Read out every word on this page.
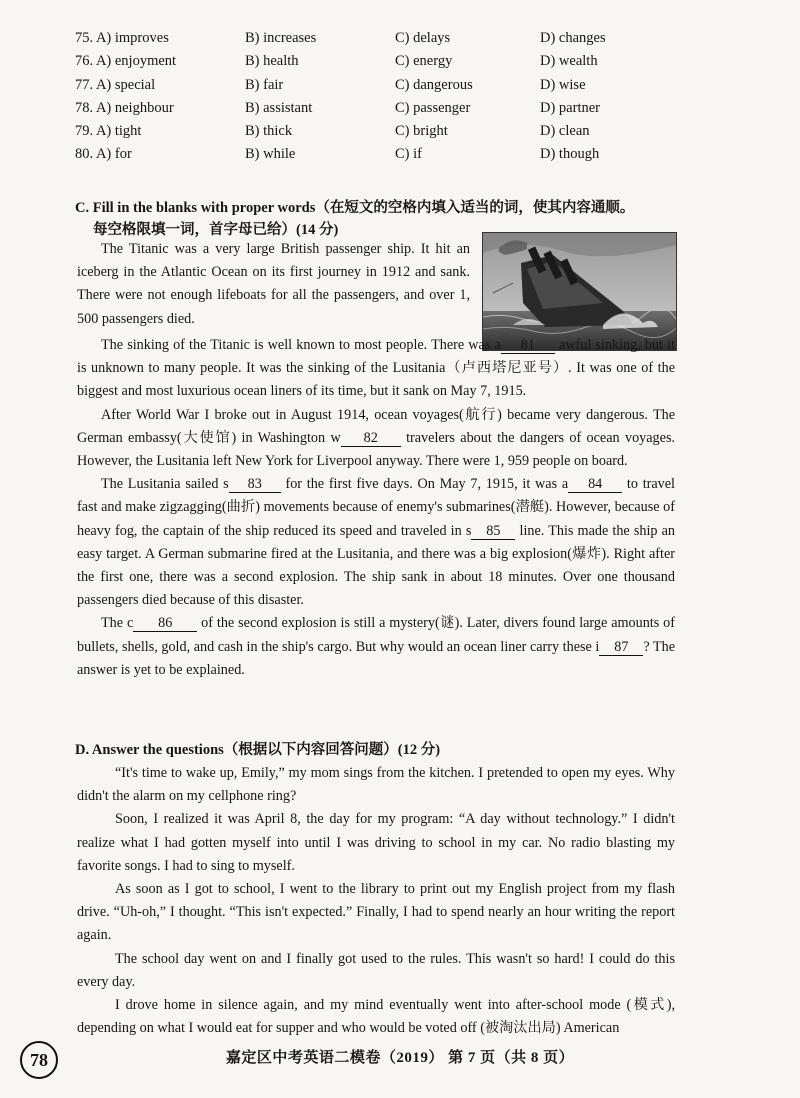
75. A) improves	B) increases	C) delays	D) changes
76. A) enjoyment	B) health	C) energy	D) wealth
77. A) special	B) fair	C) dangerous	D) wise
78. A) neighbour	B) assistant	C) passenger	D) partner
79. A) tight	B) thick	C) bright	D) clean
80. A) for	B) while	C) if	D) though
C. Fill in the blanks with proper words（在短文的空格内填入适当的词，使其内容通顺。
每空格限填一词，首字母已给）(14 分)

The Titanic was a very large British passenger ship. It hit an iceberg in the Atlantic Ocean on its first journey in 1912 and sank. There were not enough lifeboats for all the passengers, and over 1, 500 passengers died.

The sinking of the Titanic is well known to most people. There was a 81 awful sinking, but it is unknown to many people. It was the sinking of the Lusitania（卢西塔尼亚号）. It was one of the biggest and most luxurious ocean liners of its time, but it sank on May 7, 1915.

After World War I broke out in August 1914, ocean voyages(航行) became very dangerous. The German embassy(大使馆) in Washington w 82 travelers about the dangers of ocean voyages. However, the Lusitania left New York for Liverpool anyway. There were 1, 959 people on board.

The Lusitania sailed s 83 for the first five days. On May 7, 1915, it was a 84 to travel fast and make zigzagging(曲折) movements because of enemy's submarines(潜艇). However, because of heavy fog, the captain of the ship reduced its speed and traveled in s 85 line. This made the ship an easy target. A German submarine fired at the Lusitania, and there was a big explosion(爆炸). Right after the first one, there was a second explosion. The ship sank in about 18 minutes. Over one thousand passengers died because of this disaster.

The c 86 of the second explosion is still a mystery(谜). Later, divers found large amounts of bullets, shells, gold, and cash in the ship's cargo. But why would an ocean liner carry these i 87 ? The answer is yet to be explained.

D. Answer the questions（根据以下内容回答问题）(12 分)

“It's time to wake up, Emily,” my mom sings from the kitchen. I pretended to open my eyes. Why didn't the alarm on my cellphone ring?

Soon, I realized it was April 8, the day for my program: “A day without technology.” I didn't realize what I had gotten myself into until I was driving to school in my car. No radio blasting my favorite songs. I had to sing to myself.

As soon as I got to school, I went to the library to print out my English project from my flash drive. “Uh-oh,” I thought. “This isn't expected.” Finally, I had to spend nearly an hour writing the report again.

The school day went on and I finally got used to the rules. This wasn't so hard! I could do this every day.

I drove home in silence again, and my mind eventually went into after-school mode (模式), depending on what I would eat for supper and who would be voted off (被淘汰出局) American

78	嘉定区中考英语二模卷（2019） 第 7 页（共 8 页）
